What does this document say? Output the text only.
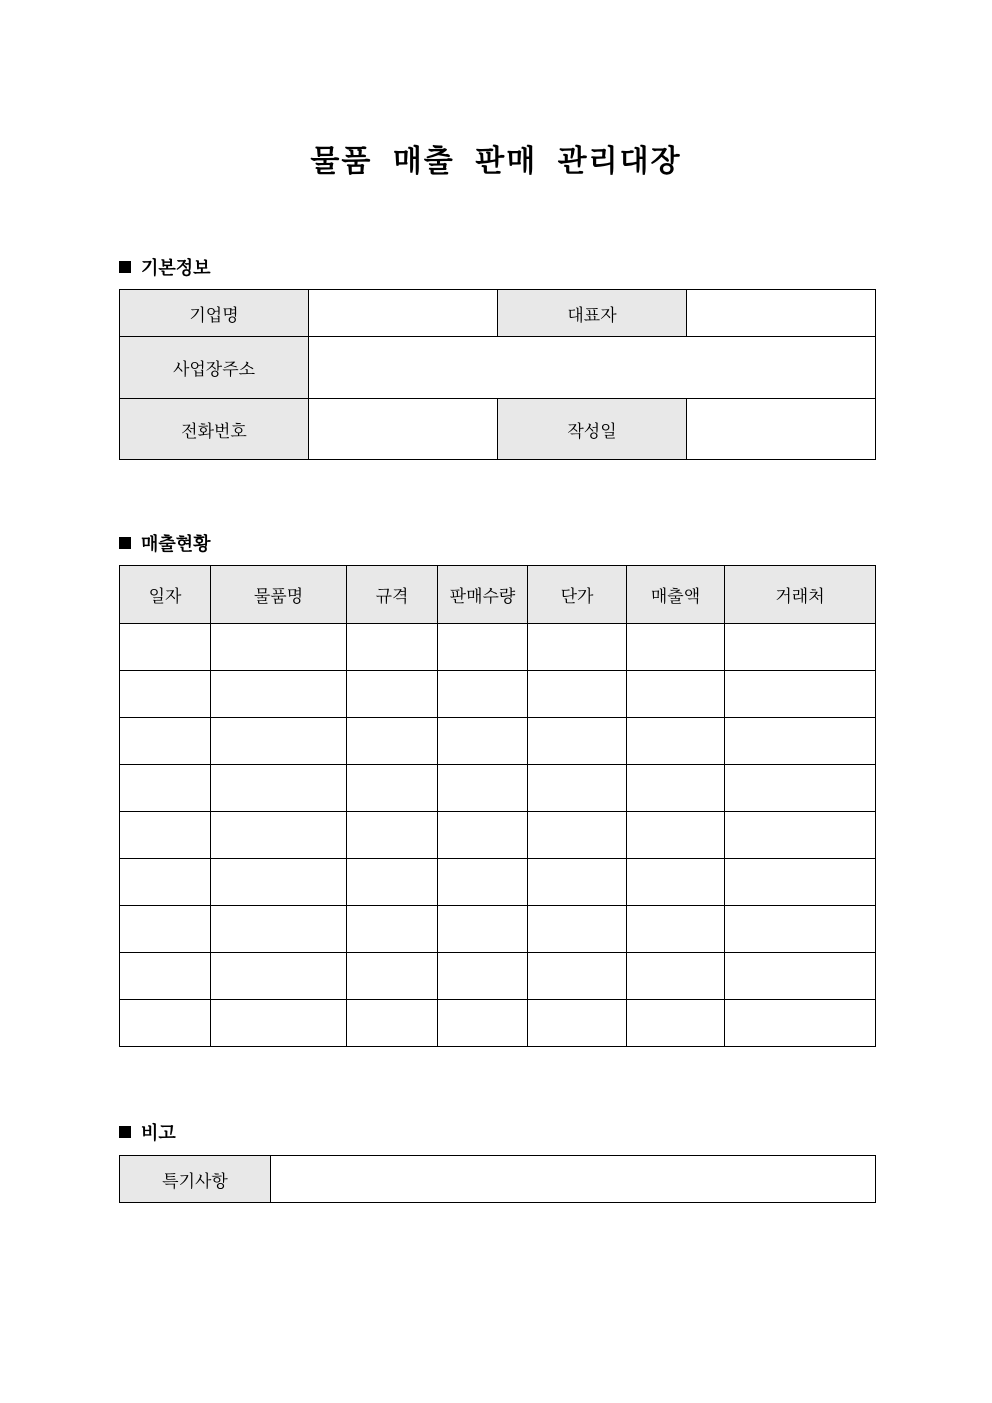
물품 매출 판매 관리대장
기본정보
기업명		대표자	
사업장주소			
전화번호		작성일	
매출현황
일자	물품명	규격	판매수량	단가	매출액	거래처

비고
특기사항	
